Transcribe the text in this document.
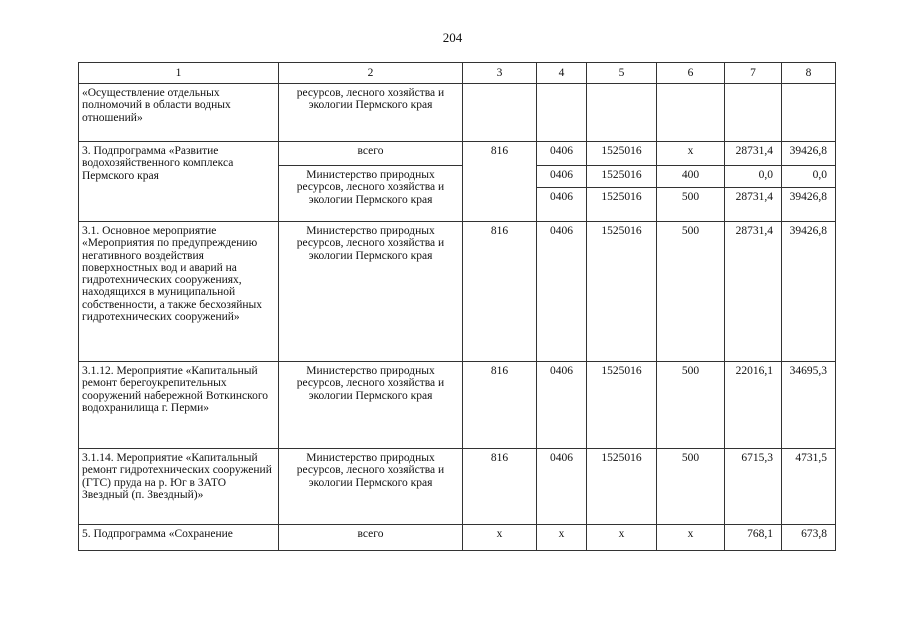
204
1	2	3	4	5	6	7	8
«Осуществление отдельных полномочий в области водных отношений»	ресурсов, лесного хозяйства и экологии Пермского края						
3. Подпрограмма «Развитие водохозяйственного комплекса Пермского края	всего	816	0406	1525016	х	28731,4	39426,8
	Министерство природных ресурсов, лесного хозяйства и экологии Пермского края		0406	1525016	400	0,0	0,0
			0406	1525016	500	28731,4	39426,8
3.1. Основное мероприятие «Мероприятия по предупреждению негативного воздействия поверхностных вод и аварий на гидротехнических сооружениях, находящихся в муниципальной собственности, а также бесхозяйных гидротехнических сооружений»	Министерство природных ресурсов, лесного хозяйства и экологии Пермского края	816	0406	1525016	500	28731,4	39426,8
3.1.12. Мероприятие «Капитальный ремонт берегоукрепительных сооружений набережной Воткинского водохранилища г. Перми»	Министерство природных ресурсов, лесного хозяйства и экологии Пермского края	816	0406	1525016	500	22016,1	34695,3
3.1.14. Мероприятие «Капитальный ремонт гидротехнических сооружений (ГТС) пруда на р. Юг в ЗАТО Звездный (п. Звездный)»	Министерство природных ресурсов, лесного хозяйства и экологии Пермского края	816	0406	1525016	500	6715,3	4731,5
5. Подпрограмма «Сохранение	всего	х	х	х	х	768,1	673,8
